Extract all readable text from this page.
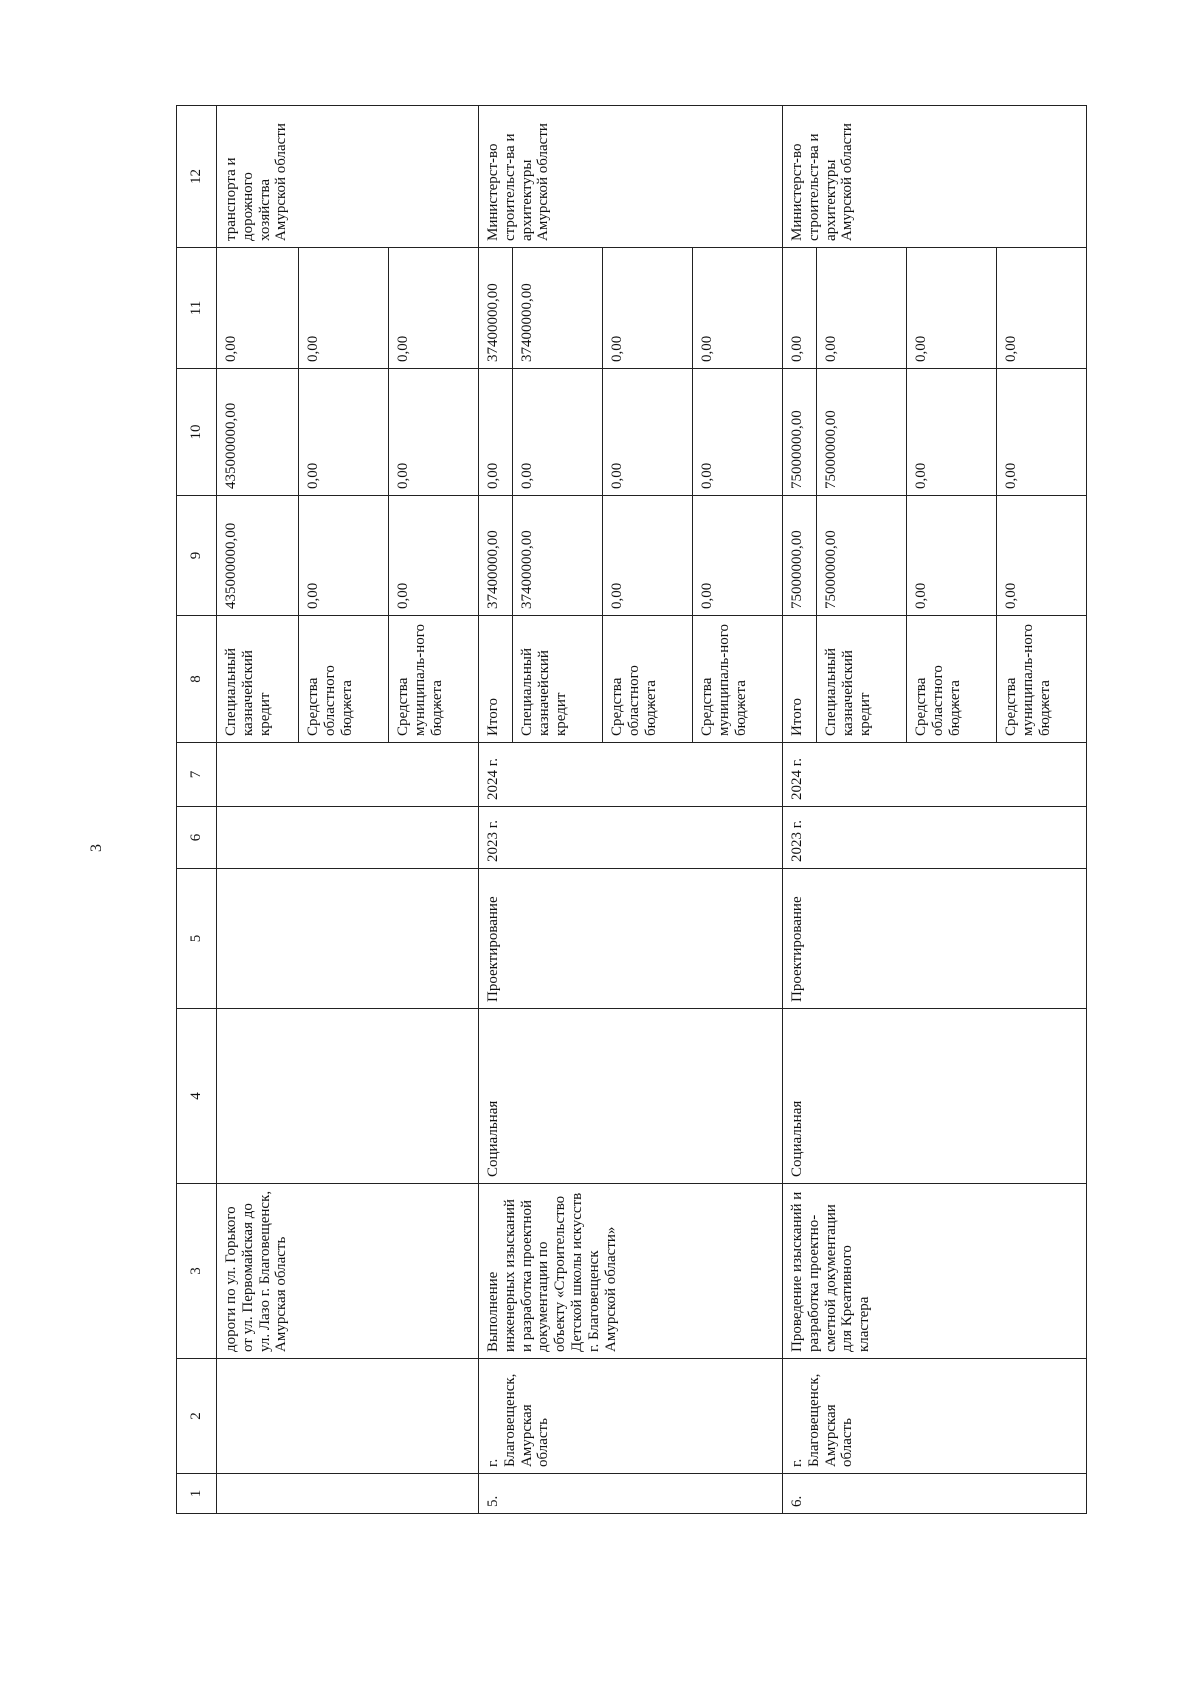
3
1	2	3	4	5	6	7	8	9	10	11	12
		дороги по ул. Горького от ул. Первомайская до ул. Лазо г. Благовещенск, Амурская область					Специальный казначейский кредит	435000000,00	435000000,00	0,00	транспорта и дорожного хозяйства Амурской области
							Средства областного бюджета	0,00	0,00	0,00	
							Средства муниципаль-ного бюджета	0,00	0,00	0,00	
5.	г. Благовещенск, Амурская область	Выполнение инженерных изысканий и разработка проектной документации по объекту «Строительство Детской школы искусств г. Благовещенск Амурской области»	Социальная	Проектирование	2023 г.	2024 г.	Итого	37400000,00	0,00	37400000,00	Министерст-во строительст-ва и архитектуры Амурской области
							Специальный казначейский кредит	37400000,00	0,00	37400000,00	
							Средства областного бюджета	0,00	0,00	0,00	
							Средства муниципаль-ного бюджета	0,00	0,00	0,00	
6.	г. Благовещенск, Амурская область	Проведение изысканий и разработка проектно-сметной документации для Креативного кластера	Социальная	Проектирование	2023 г.	2024 г.	Итого	75000000,00	75000000,00	0,00	Министерст-во строительст-ва и архитектуры Амурской области
							Специальный казначейский кредит	75000000,00	75000000,00	0,00	
							Средства областного бюджета	0,00	0,00	0,00	
							Средства муниципаль-ного бюджета	0,00	0,00	0,00	
